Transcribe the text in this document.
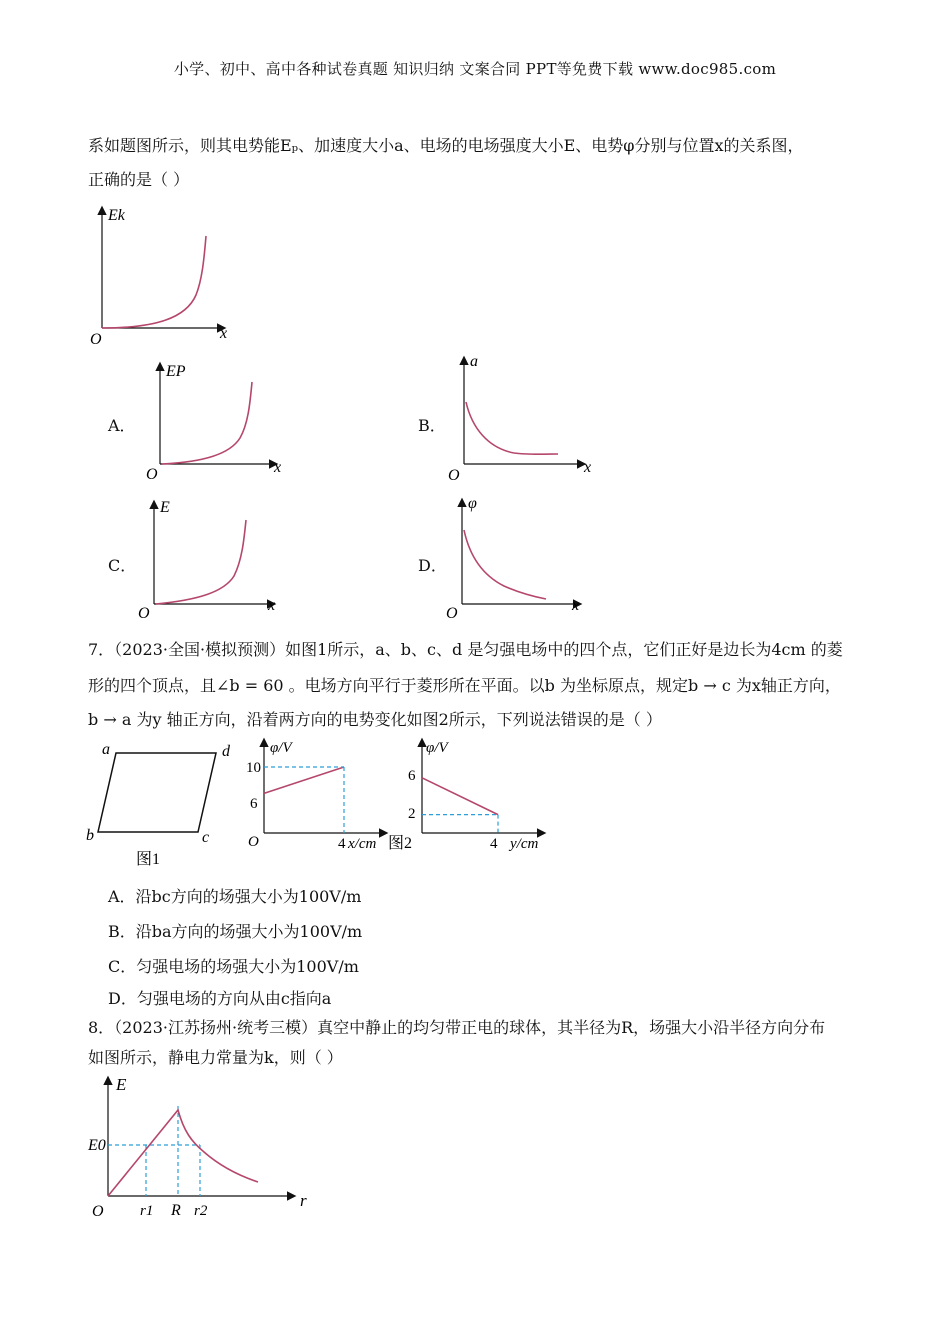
小学、初中、高中各种试卷真题 知识归纳 文案合同 PPT等免费下载 www.doc985.com
系如题图所示，则其电势能Eₚ、加速度大小a、电场的电场强度大小E、电势φ分别与位置x的关系图，
正确的是（ ）
Ek
x
O
A．
EP
x
O
B．
a
x
O
C．
E
x
O
D．
φ
x
O
7．（2023·全国·模拟预测）如图1所示，a、b、c、d 是匀强电场中的四个点，它们正好是边长为4cm 的菱
形的四个顶点，且∠b = 60 。电场方向平行于菱形所在平面。以b 为坐标原点，规定b → c 为x轴正方向，
b → a 为y 轴正方向，沿着两方向的电势变化如图2所示，下列说法错误的是（ ）
a	d
b	c
图1
φ/V
x/cm
10
6
4
O
φ/V
y/cm
6
2
4
图2
A．沿bc方向的场强大小为100V/m
B．沿ba方向的场强大小为100V/m
C．匀强电场的场强大小为100V/m
D．匀强电场的方向从由c指向a
8．（2023·江苏扬州·统考三模）真空中静止的均匀带正电的球体，其半径为R，场强大小沿半径方向分布
如图所示，静电力常量为k，则（ ）
E
r
E0
r1 R r2
O
